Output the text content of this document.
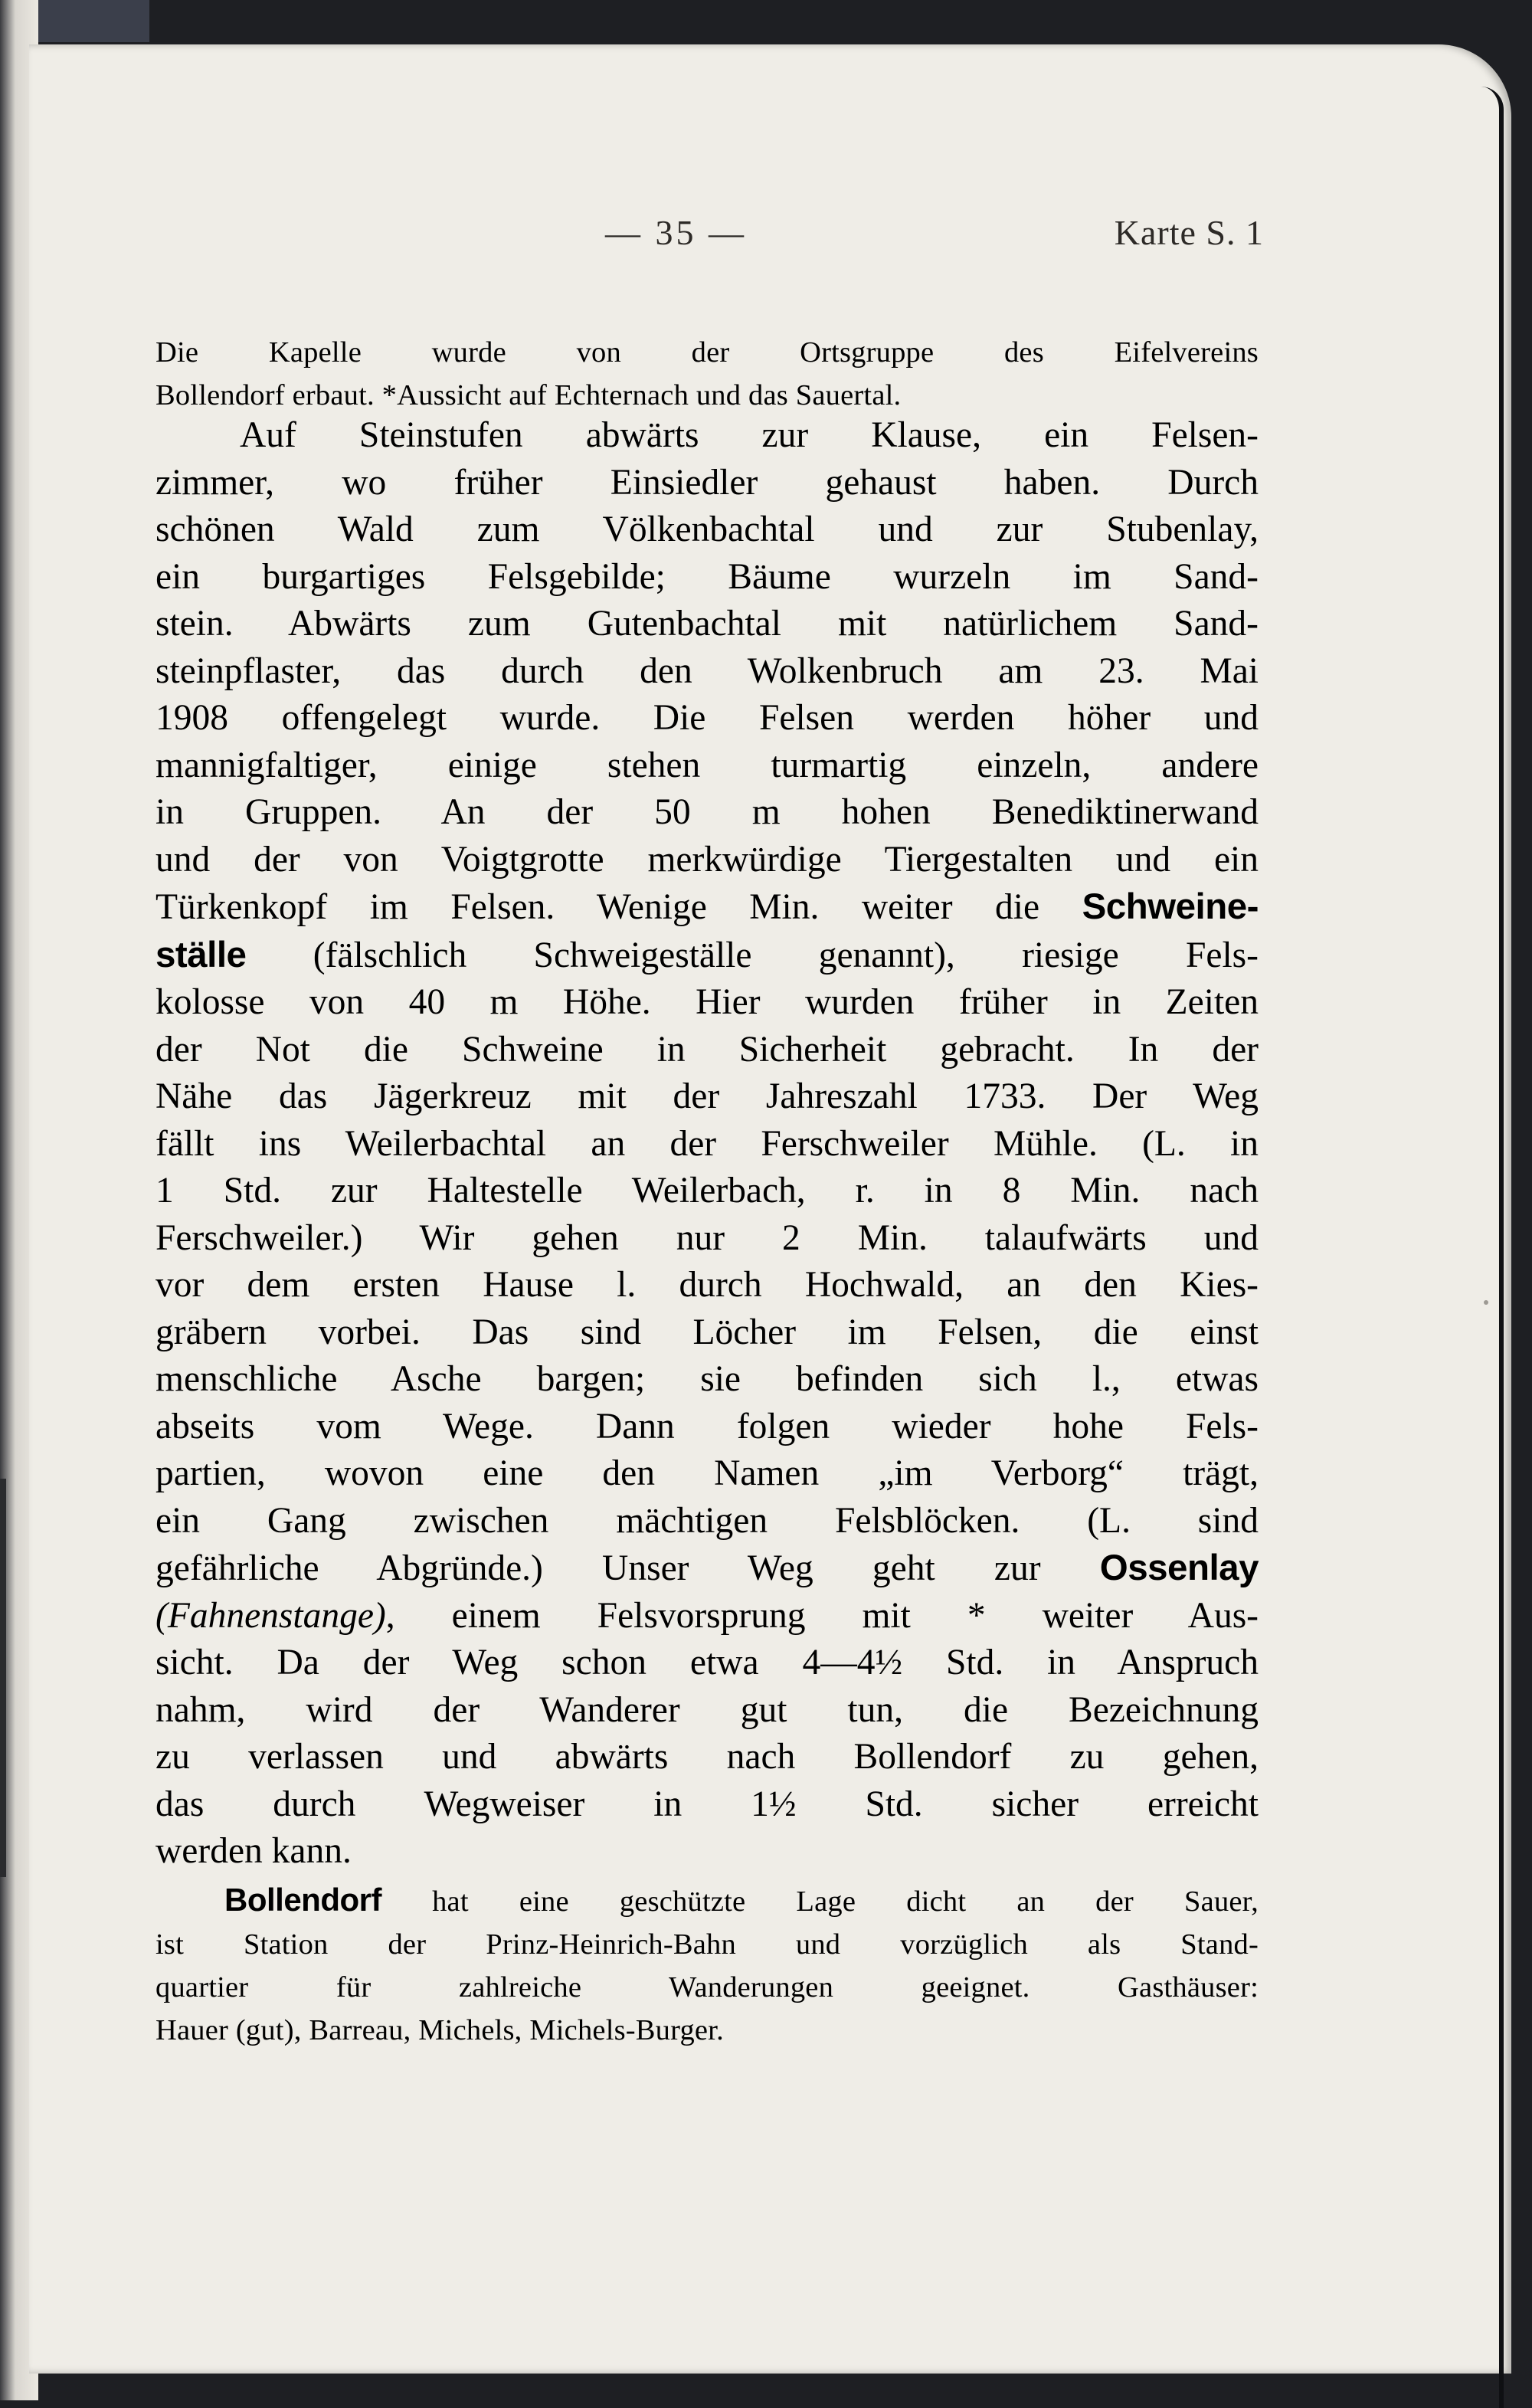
— 35 —	Karte S. 1
Die Kapelle wurde von der Ortsgruppe des Eifelvereins
Bollendorf erbaut. *Aussicht auf Echternach und das Sauertal.
Auf Steinstufen abwärts zur Klause, ein Felsen-
zimmer, wo früher Einsiedler gehaust haben. Durch
schönen Wald zum Völkenbachtal und zur Stubenlay,
ein burgartiges Felsgebilde; Bäume wurzeln im Sand-
stein. Abwärts zum Gutenbachtal mit natürlichem Sand-
steinpflaster, das durch den Wolkenbruch am 23. Mai
1908 offengelegt wurde. Die Felsen werden höher und
mannigfaltiger, einige stehen turmartig einzeln, andere
in Gruppen. An der 50 m hohen Benediktinerwand
und der von Voigtgrotte merkwürdige Tiergestalten und ein
Türkenkopf im Felsen. Wenige Min. weiter die Schweine-
ställe (fälschlich Schweigeställe genannt), riesige Fels-
kolosse von 40 m Höhe. Hier wurden früher in Zeiten
der Not die Schweine in Sicherheit gebracht. In der
Nähe das Jägerkreuz mit der Jahreszahl 1733. Der Weg
fällt ins Weilerbachtal an der Ferschweiler Mühle. (L. in
1 Std. zur Haltestelle Weilerbach, r. in 8 Min. nach
Ferschweiler.) Wir gehen nur 2 Min. talaufwärts und
vor dem ersten Hause l. durch Hochwald, an den Kies-
gräbern vorbei. Das sind Löcher im Felsen, die einst
menschliche Asche bargen; sie befinden sich l., etwas
abseits vom Wege. Dann folgen wieder hohe Fels-
partien, wovon eine den Namen „im Verborg“ trägt,
ein Gang zwischen mächtigen Felsblöcken. (L. sind
gefährliche Abgründe.) Unser Weg geht zur Ossenlay
(Fahnenstange), einem Felsvorsprung mit * weiter Aus-
sicht. Da der Weg schon etwa 4—4½ Std. in Anspruch
nahm, wird der Wanderer gut tun, die Bezeichnung
zu verlassen und abwärts nach Bollendorf zu gehen,
das durch Wegweiser in 1½ Std. sicher erreicht
werden kann.
Bollendorf hat eine geschützte Lage dicht an der Sauer,
ist Station der Prinz-Heinrich-Bahn und vorzüglich als Stand-
quartier für zahlreiche Wanderungen geeignet. Gasthäuser:
Hauer (gut), Barreau, Michels, Michels-Burger.
